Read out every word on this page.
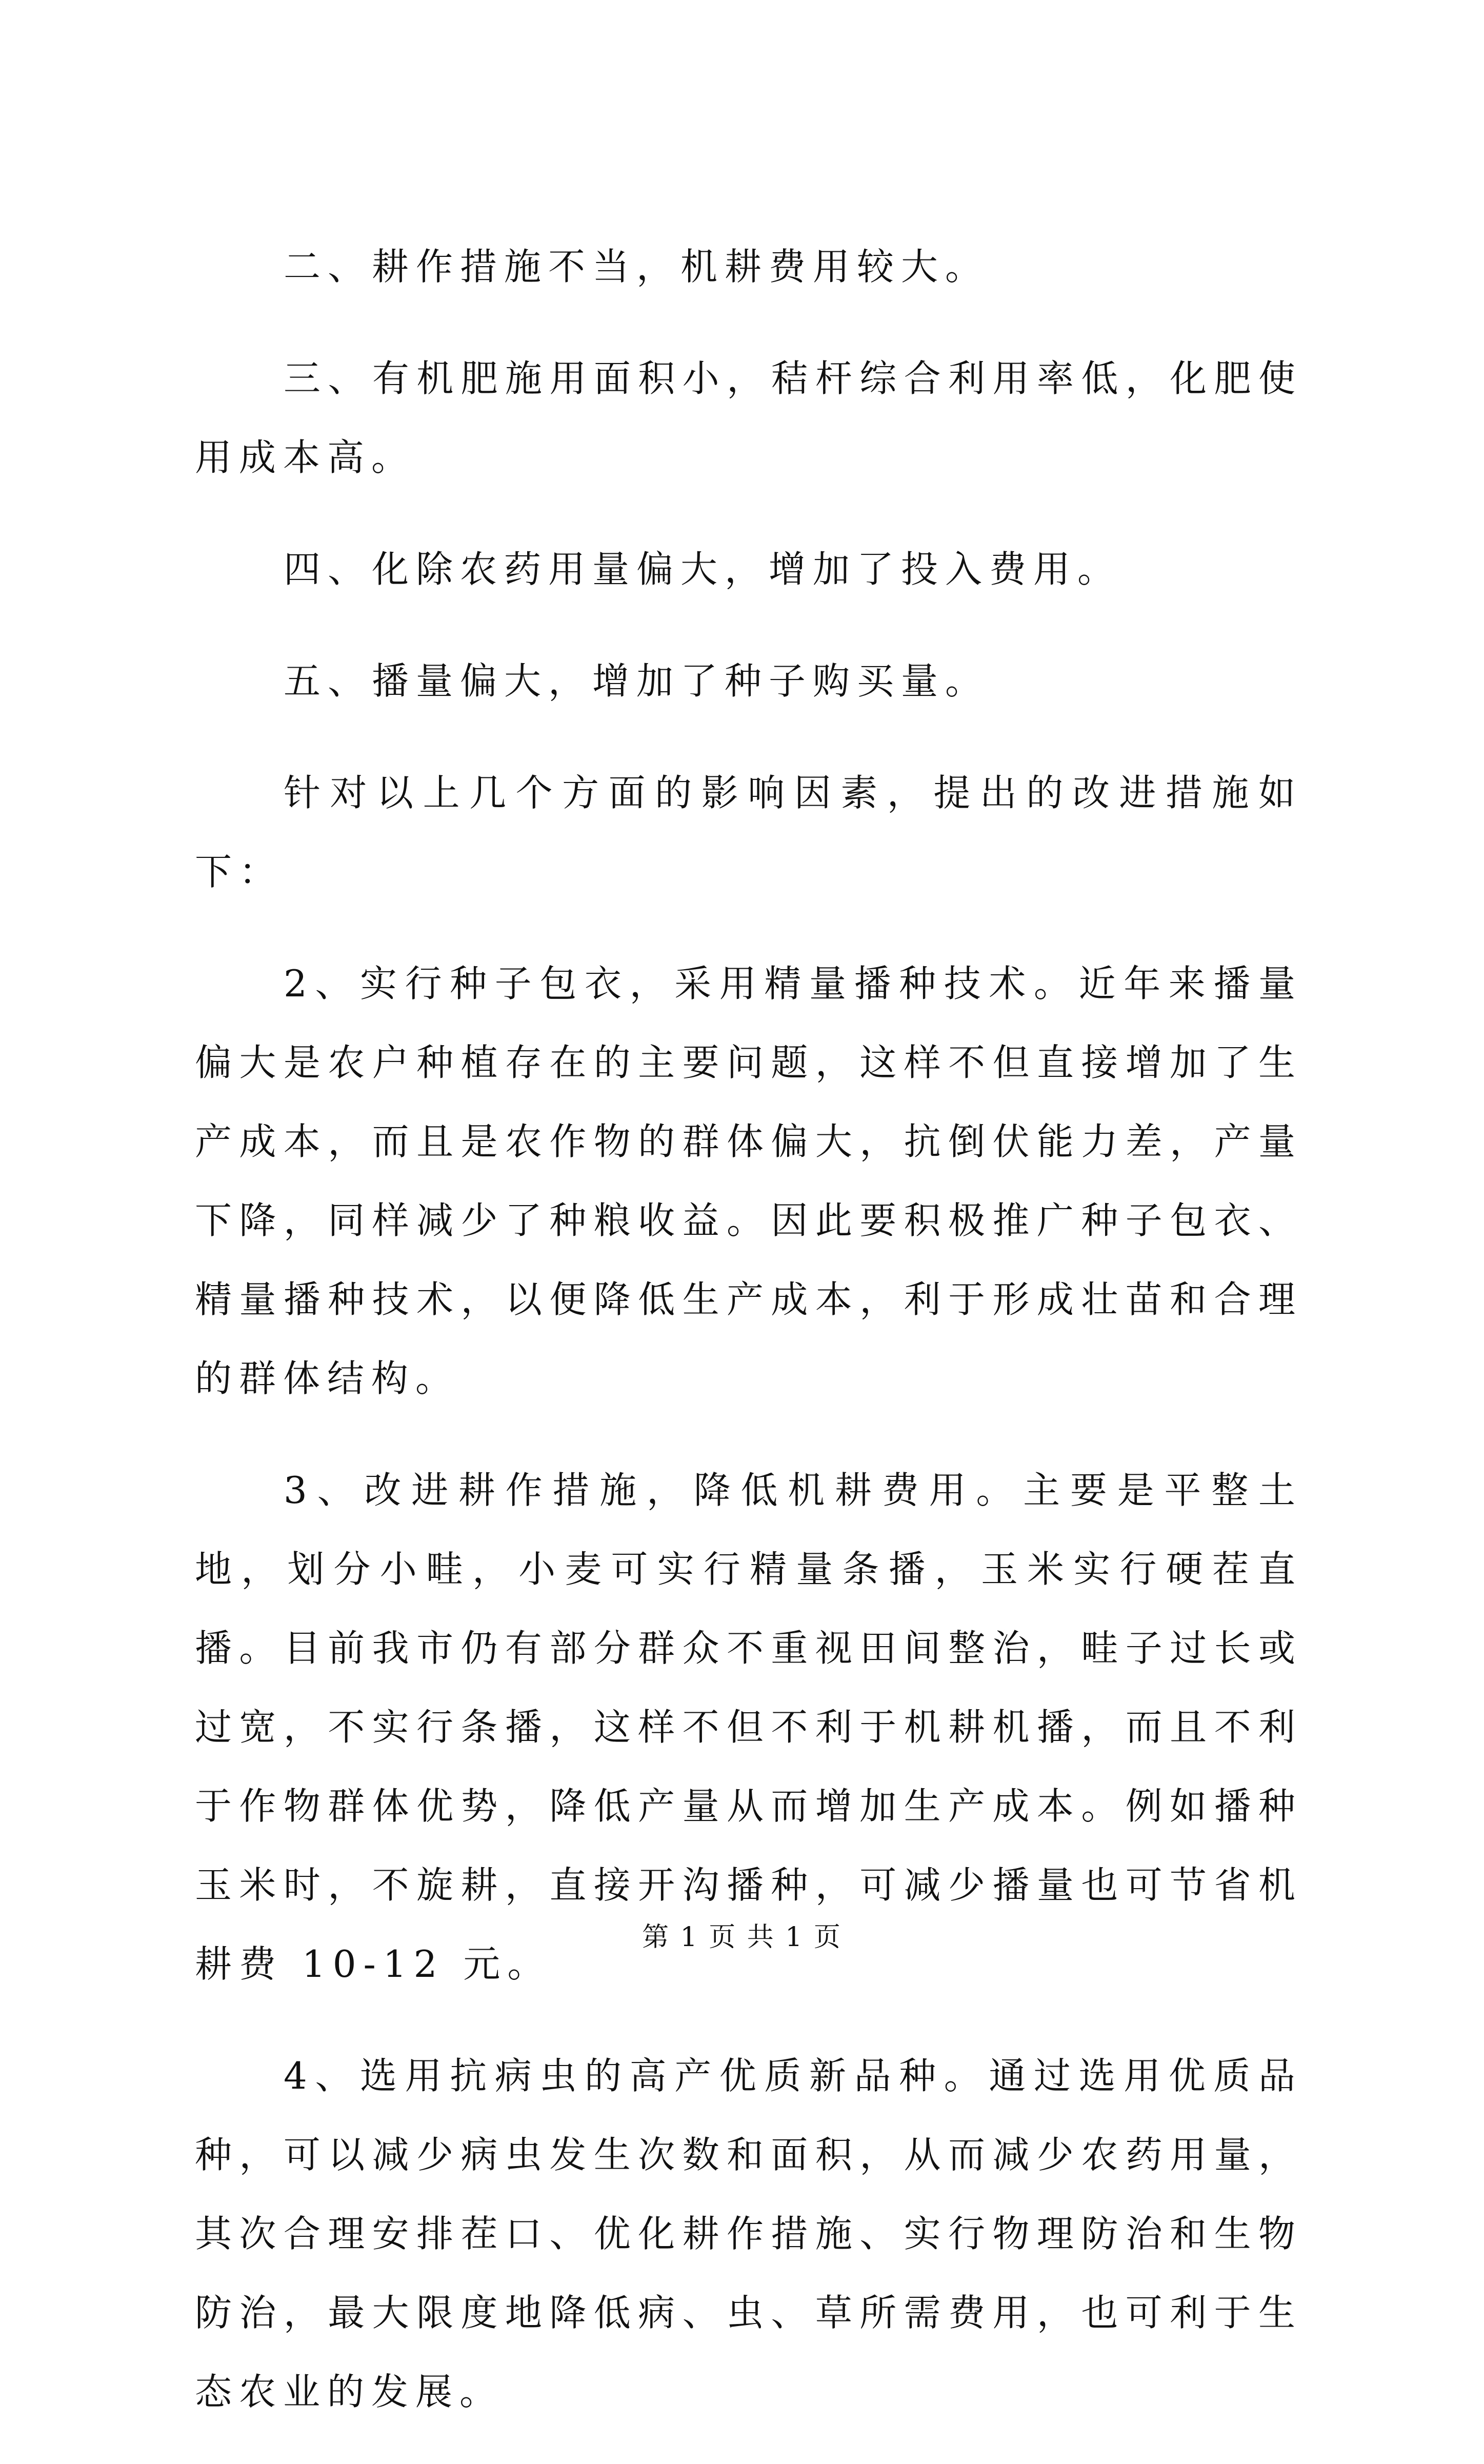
二、耕作措施不当，机耕费用较大。

三、有机肥施用面积小，秸杆综合利用率低，化肥使用成本高。

四、化除农药用量偏大，增加了投入费用。

五、播量偏大，增加了种子购买量。

针对以上几个方面的影响因素，提出的改进措施如下：

2、实行种子包衣，采用精量播种技术。近年来播量偏大是农户种植存在的主要问题，这样不但直接增加了生产成本，而且是农作物的群体偏大，抗倒伏能力差，产量下降，同样减少了种粮收益。因此要积极推广种子包衣、精量播种技术，以便降低生产成本，利于形成壮苗和合理的群体结构。

3、改进耕作措施，降低机耕费用。主要是平整土地，划分小畦，小麦可实行精量条播，玉米实行硬茬直播。目前我市仍有部分群众不重视田间整治，畦子过长或过宽，不实行条播，这样不但不利于机耕机播，而且不利于作物群体优势，降低产量从而增加生产成本。例如播种玉米时，不旋耕，直接开沟播种，可减少播量也可节省机耕费 10-12 元。

4、选用抗病虫的高产优质新品种。通过选用优质品种，可以减少病虫发生次数和面积，从而减少农药用量，其次合理安排茬口、优化耕作措施、实行物理防治和生物防治，最大限度地降低病、虫、草所需费用，也可利于生态农业的发展。

第 1 页 共 1 页
